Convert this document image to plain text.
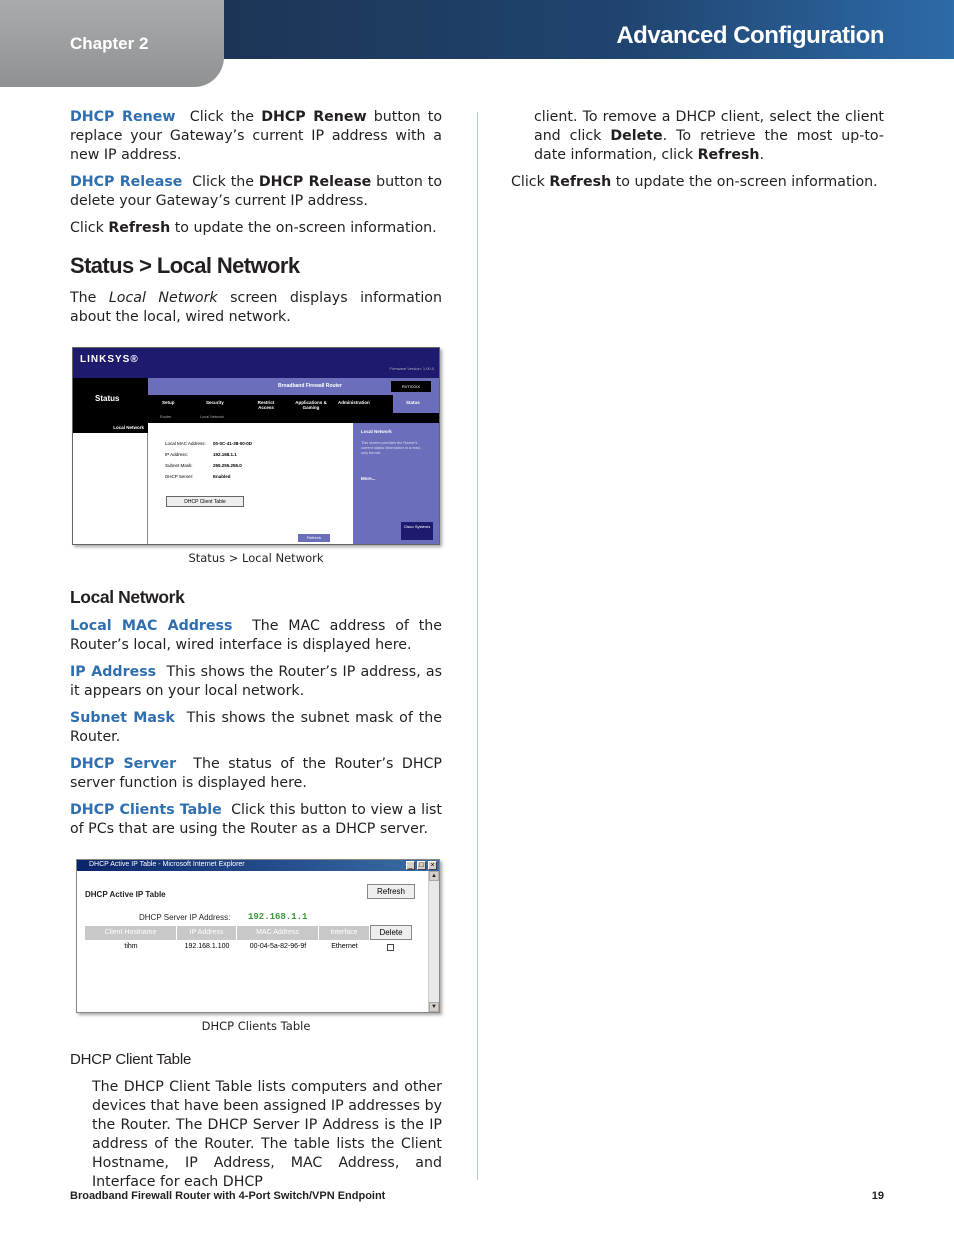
Chapter 2	Advanced Configuration

DHCP Renew Click the DHCP Renew button to replace your Gateway’s current IP address with a new IP address.

DHCP Release Click the DHCP Release button to delete your Gateway’s current IP address.

Click Refresh to update the on-screen information.

Status > Local Network

The Local Network screen displays information about the local, wired network.

LINKSYS®
Firmware Version: 1.00.0
Status
Broadband Firewall Router	RVT0XXX
Setup	Security	Restrict Access
Applications & Gaming
Administration	Status
Router	Local Network
Local Network
Local MAC Address: 00-0C-41-38-00-0D
IP Address:	192.168.1.1
Subnet Mask:	255.255.255.0
DHCP Server:	Enabled
DHCP Client Table
Refresh
Local Network
This screen provides the Router's current status information in a read-only format.
More...
Cisco Systems
Status > Local Network
Local Network

Local MAC Address The MAC address of the Router’s local, wired interface is displayed here.

IP Address This shows the Router’s IP address, as it appears on your local network.

Subnet Mask This shows the subnet mask of the Router.

DHCP Server The status of the Router’s DHCP server function is displayed here.

DHCP Clients Table Click this button to view a list of PCs that are using the Router as a DHCP server.

DHCP Active IP Table - Microsoft Internet Explorer	_ □ ×
▲
▼
DHCP Active IP Table	Refresh
DHCP Server IP Address: 192.168.1.1
Client Hostname	IP Address	MAC Address	Interface	Delete
tihm	192.168.1.100	00-04-5a-82-96-9f	Ethernet
DHCP Clients Table
DHCP Client Table

The DHCP Client Table lists computers and other devices that have been assigned IP addresses by the Router. The DHCP Server IP Address is the IP address of the Router. The table lists the Client Hostname, IP Address, MAC Address, and Interface for each DHCP

client. To remove a DHCP client, select the client and click Delete. To retrieve the most up-to-date information, click Refresh.

Click Refresh to update the on-screen information.

Broadband Firewall Router with 4-Port Switch/VPN Endpoint	19
